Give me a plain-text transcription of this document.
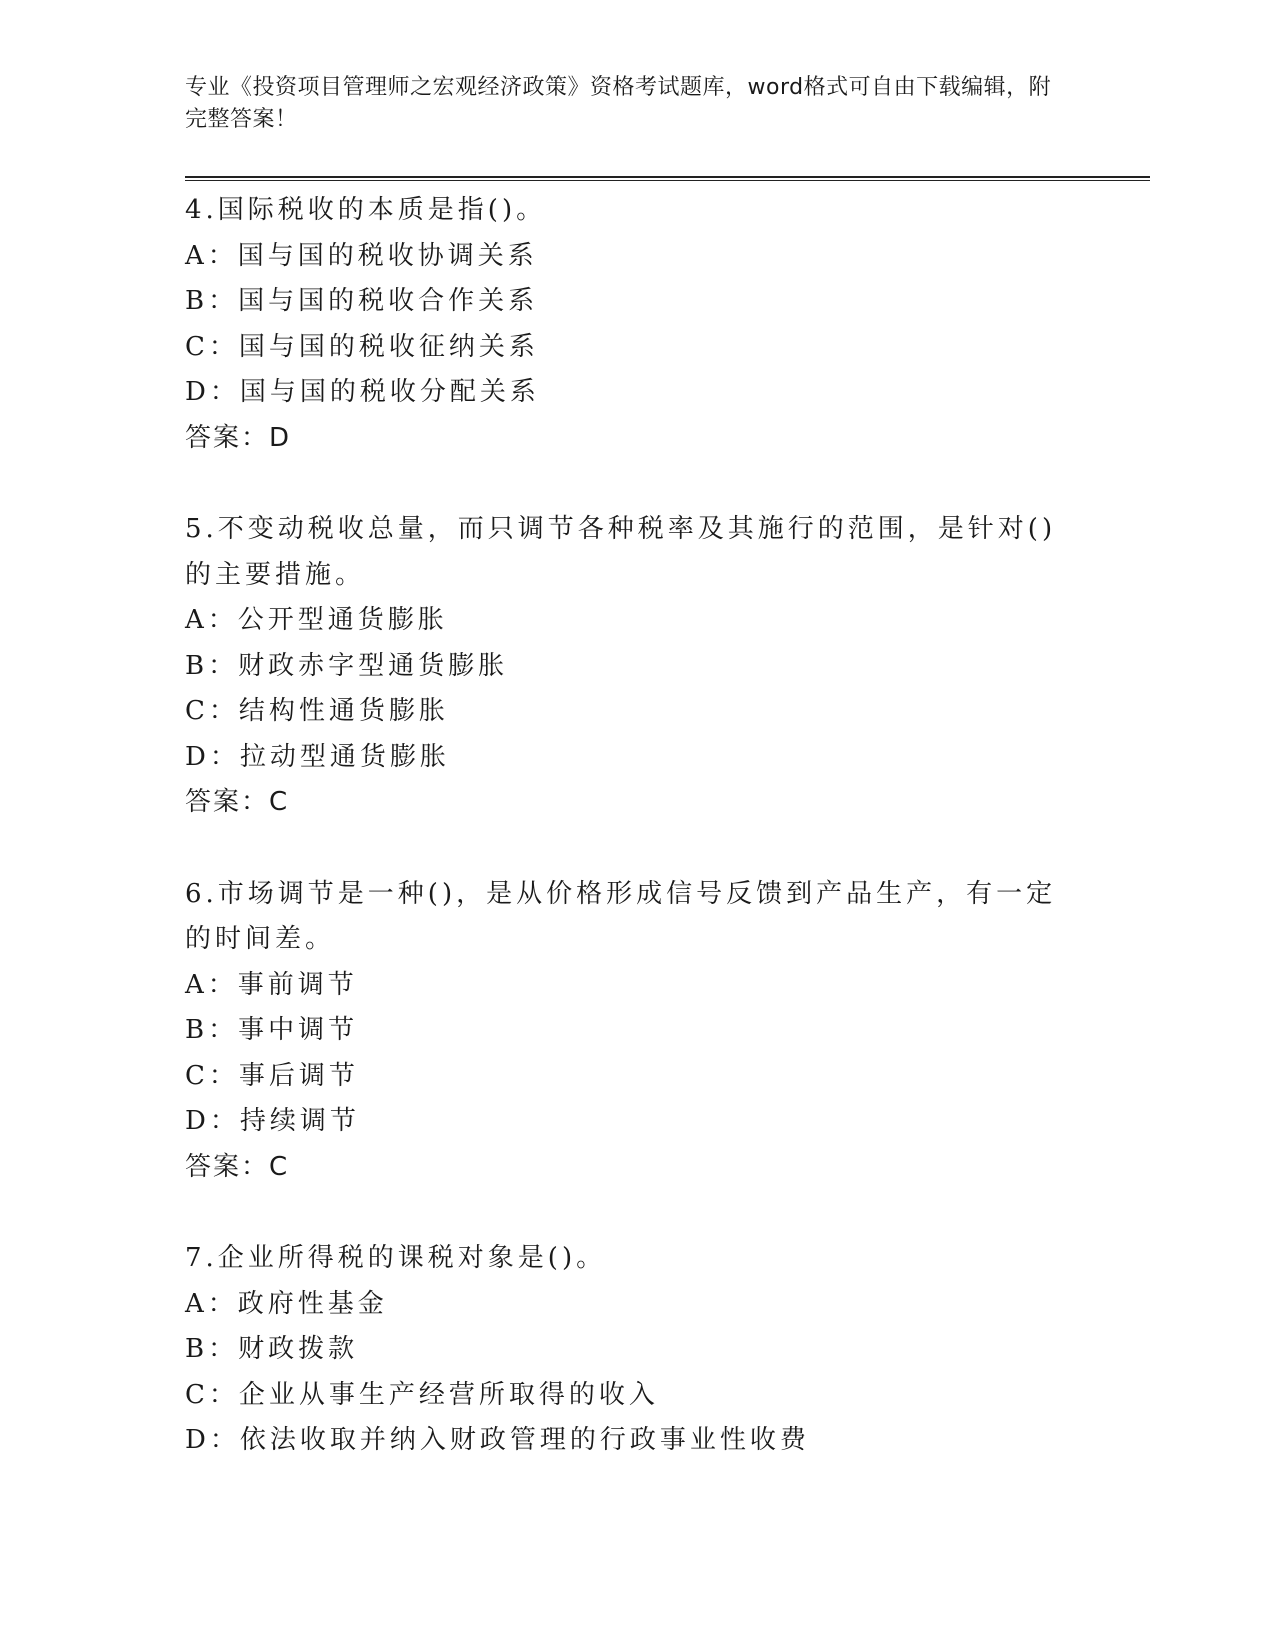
专业《投资项目管理师之宏观经济政策》资格考试题库，word格式可自由下载编辑，附完整答案！
4.国际税收的本质是指()。
A：国与国的税收协调关系
B：国与国的税收合作关系
C：国与国的税收征纳关系
D：国与国的税收分配关系
答案：D
5.不变动税收总量，而只调节各种税率及其施行的范围，是针对()的主要措施。
A：公开型通货膨胀
B：财政赤字型通货膨胀
C：结构性通货膨胀
D：拉动型通货膨胀
答案：C
6.市场调节是一种()，是从价格形成信号反馈到产品生产，有一定的时间差。
A：事前调节
B：事中调节
C：事后调节
D：持续调节
答案：C
7.企业所得税的课税对象是()。
A：政府性基金
B：财政拨款
C：企业从事生产经营所取得的收入
D：依法收取并纳入财政管理的行政事业性收费
